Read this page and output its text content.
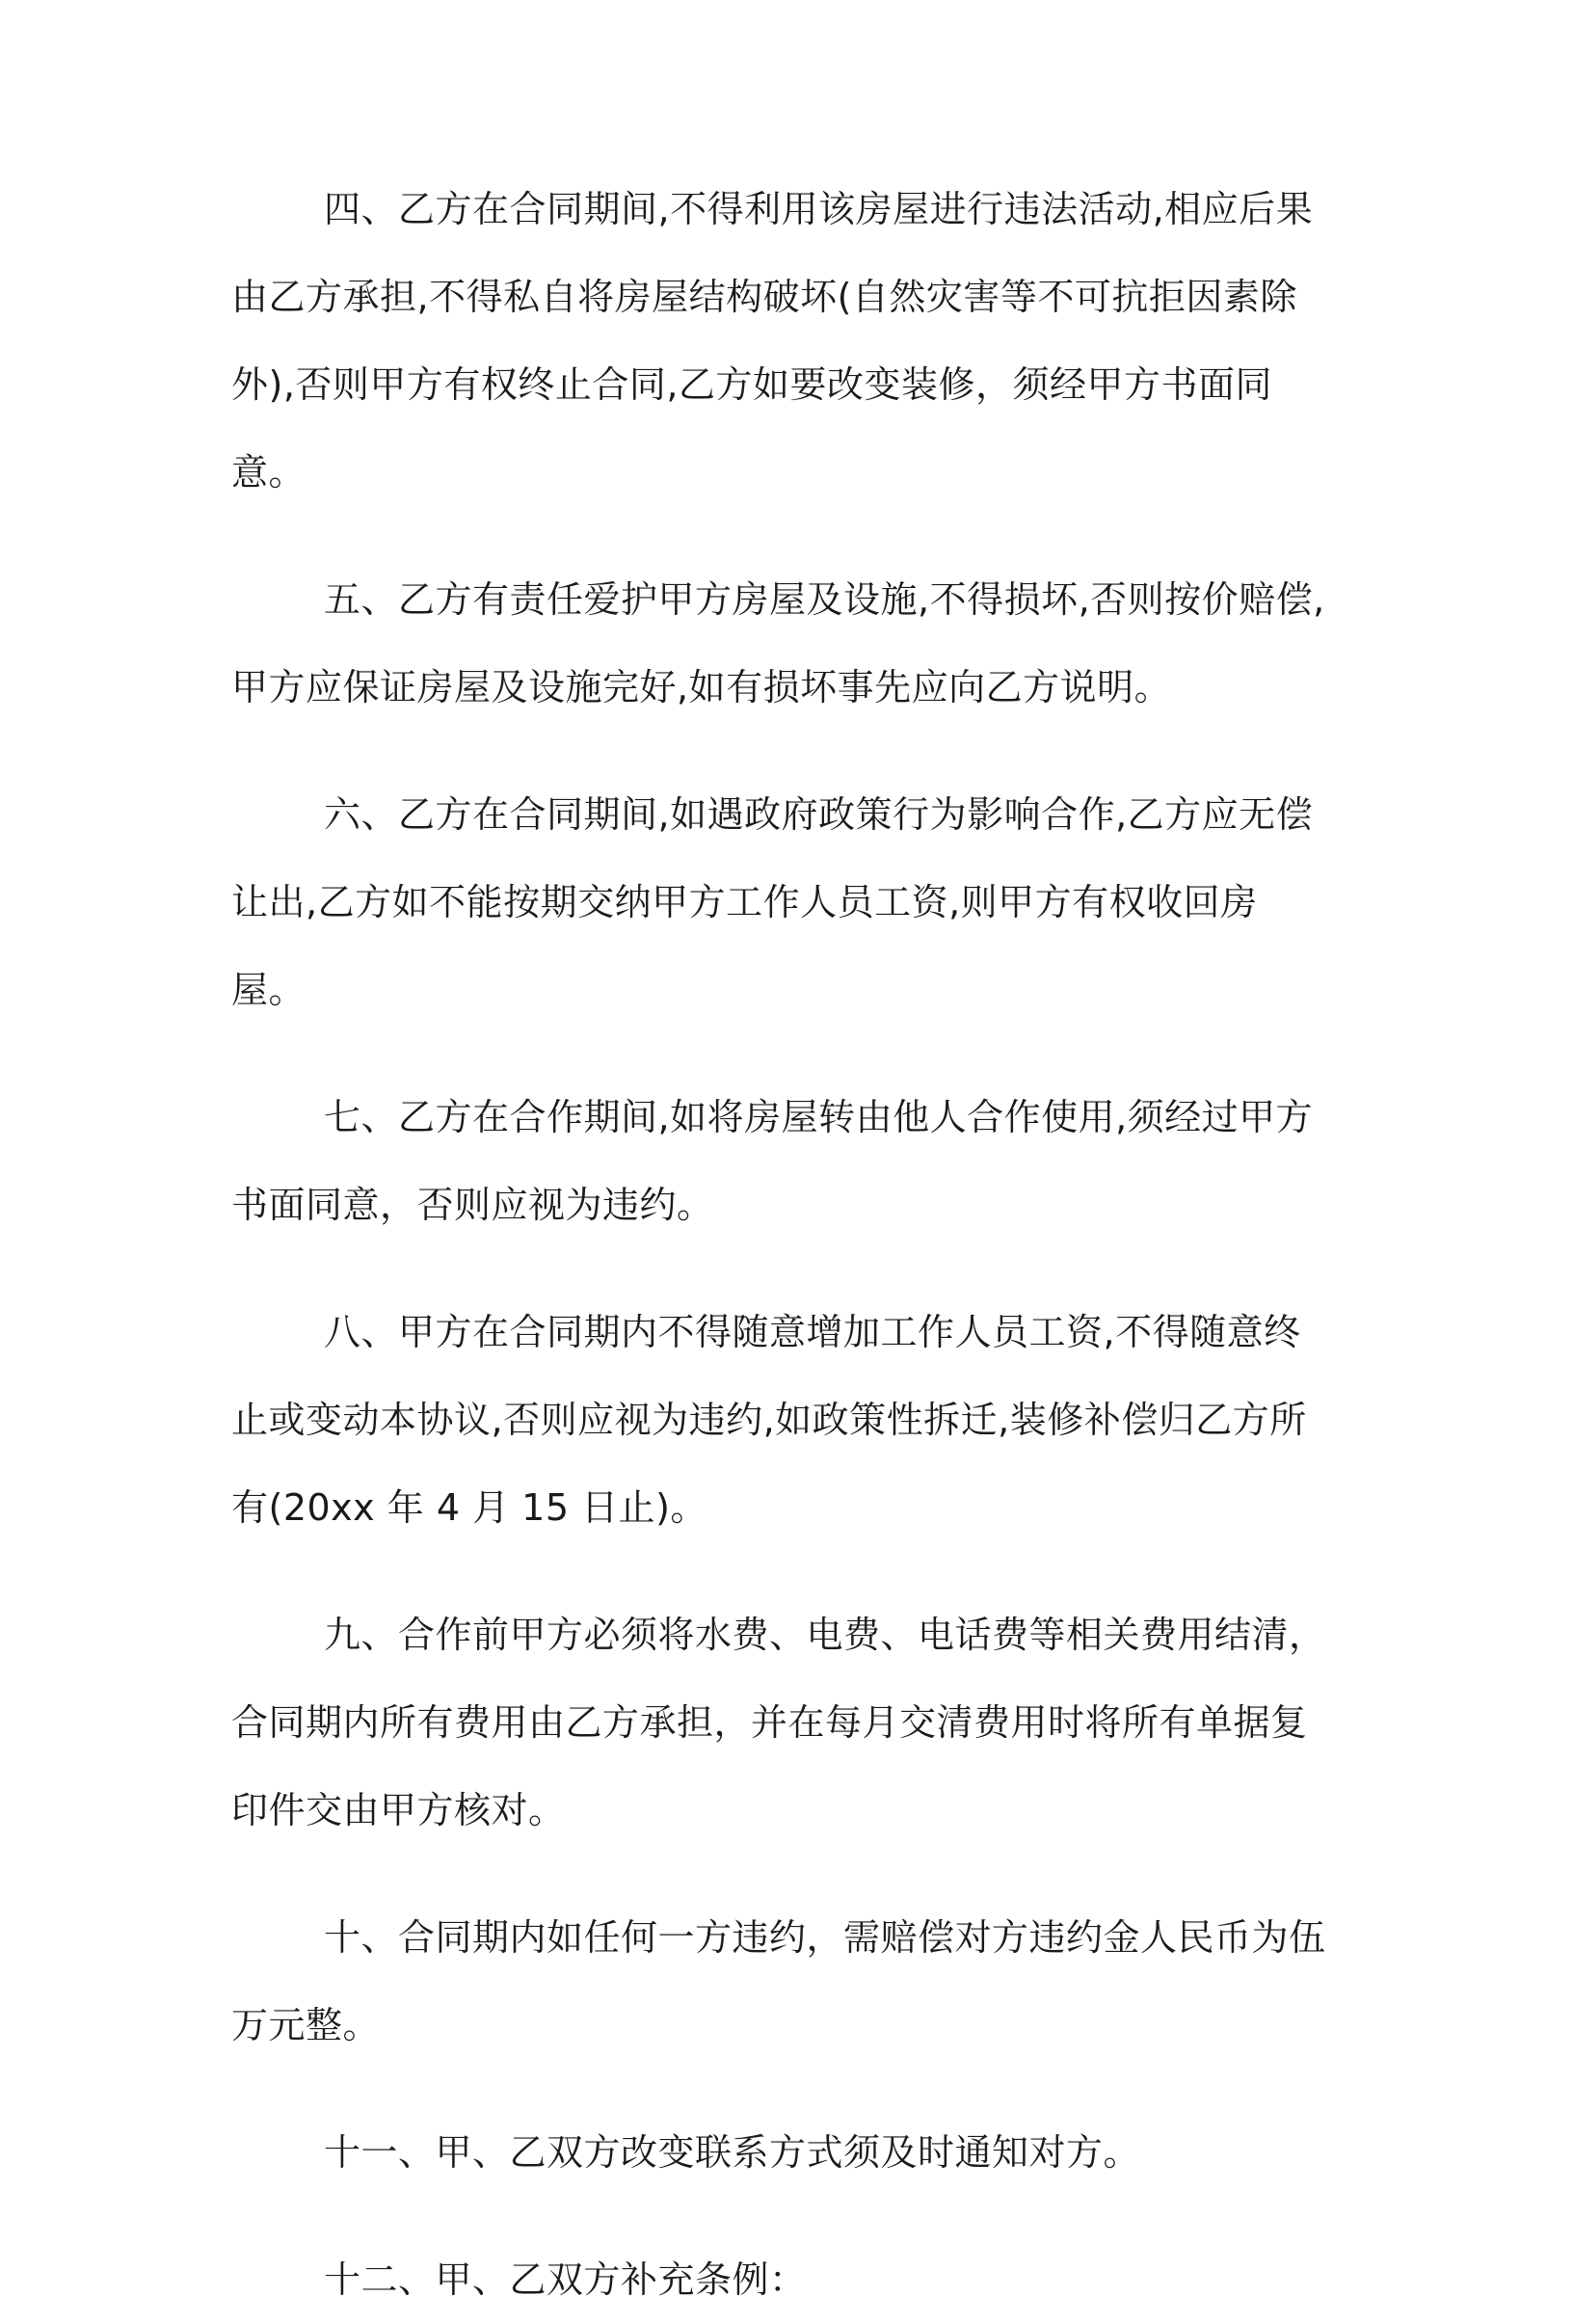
四、乙方在合同期间,不得利用该房屋进行违法活动,相应后果由乙方承担,不得私自将房屋结构破坏(自然灾害等不可抗拒因素除外),否则甲方有权终止合同,乙方如要改变装修，须经甲方书面同意。

五、乙方有责任爱护甲方房屋及设施,不得损坏,否则按价赔偿,甲方应保证房屋及设施完好,如有损坏事先应向乙方说明。

六、乙方在合同期间,如遇政府政策行为影响合作,乙方应无偿让出,乙方如不能按期交纳甲方工作人员工资,则甲方有权收回房屋。

七、乙方在合作期间,如将房屋转由他人合作使用,须经过甲方书面同意，否则应视为违约。

八、甲方在合同期内不得随意增加工作人员工资,不得随意终止或变动本协议,否则应视为违约,如政策性拆迁,装修补偿归乙方所有(20xx 年 4 月 15 日止)。

九、合作前甲方必须将水费、电费、电话费等相关费用结清，合同期内所有费用由乙方承担，并在每月交清费用时将所有单据复印件交由甲方核对。

十、合同期内如任何一方违约，需赔偿对方违约金人民币为伍万元整。

十一、甲、乙双方改变联系方式须及时通知对方。

十二、甲、乙双方补充条例：
